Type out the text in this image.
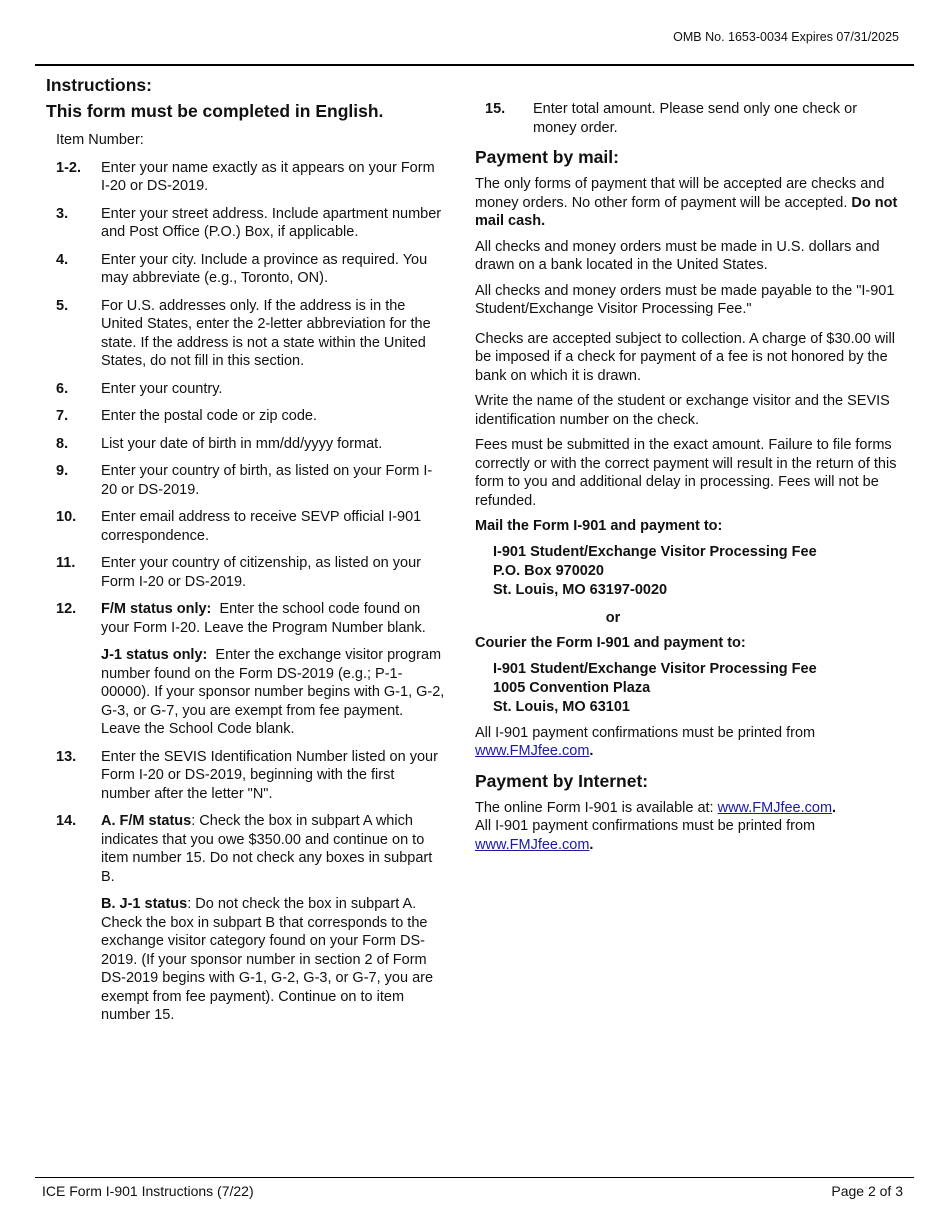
OMB No. 1653-0034 Expires 07/31/2025
Instructions:
This form must be completed in English.
Item Number:
1-2. Enter your name exactly as it appears on your Form I-20 or DS-2019.
3. Enter your street address. Include apartment number and Post Office (P.O.) Box, if applicable.
4. Enter your city. Include a province as required. You may abbreviate (e.g., Toronto, ON).
5. For U.S. addresses only. If the address is in the United States, enter the 2-letter abbreviation for the state. If the address is not a state within the United States, do not fill in this section.
6. Enter your country.
7. Enter the postal code or zip code.
8. List your date of birth in mm/dd/yyyy format.
9. Enter your country of birth, as listed on your Form I-20 or DS-2019.
10. Enter email address to receive SEVP official I-901 correspondence.
11. Enter your country of citizenship, as listed on your Form I-20 or DS-2019.
12. F/M status only: Enter the school code found on your Form I-20. Leave the Program Number blank.
J-1 status only: Enter the exchange visitor program number found on the Form DS-2019 (e.g.; P-1-00000). If your sponsor number begins with G-1, G-2, G-3, or G-7, you are exempt from fee payment. Leave the School Code blank.
13. Enter the SEVIS Identification Number listed on your Form I-20 or DS-2019, beginning with the first number after the letter "N".
14. A. F/M status: Check the box in subpart A which indicates that you owe $350.00 and continue on to item number 15. Do not check any boxes in subpart B.
B. J-1 status: Do not check the box in subpart A. Check the box in subpart B that corresponds to the exchange visitor category found on your Form DS-2019. (If your sponsor number in section 2 of Form DS-2019 begins with G-1, G-2, G-3, or G-7, you are exempt from fee payment). Continue on to item number 15.
15. Enter total amount. Please send only one check or money order.
Payment by mail:
The only forms of payment that will be accepted are checks and money orders. No other form of payment will be accepted. Do not mail cash.
All checks and money orders must be made in U.S. dollars and drawn on a bank located in the United States.
All checks and money orders must be made payable to the "I-901 Student/Exchange Visitor Processing Fee."
Checks are accepted subject to collection. A charge of $30.00 will be imposed if a check for payment of a fee is not honored by the bank on which it is drawn.
Write the name of the student or exchange visitor and the SEVIS identification number on the check.
Fees must be submitted in the exact amount. Failure to file forms correctly or with the correct payment will result in the return of this form to you and additional delay in processing. Fees will not be refunded.
Mail the Form I-901 and payment to:
I-901 Student/Exchange Visitor Processing Fee
P.O. Box 970020
St. Louis, MO 63197-0020
or
Courier the Form I-901 and payment to:
I-901 Student/Exchange Visitor Processing Fee
1005 Convention Plaza
St. Louis, MO 63101
All I-901 payment confirmations must be printed from
www.FMJfee.com.
Payment by Internet:
The online Form I-901 is available at: www.FMJfee.com.
All I-901 payment confirmations must be printed from
www.FMJfee.com.
ICE Form I-901 Instructions (7/22)	Page 2 of 3
